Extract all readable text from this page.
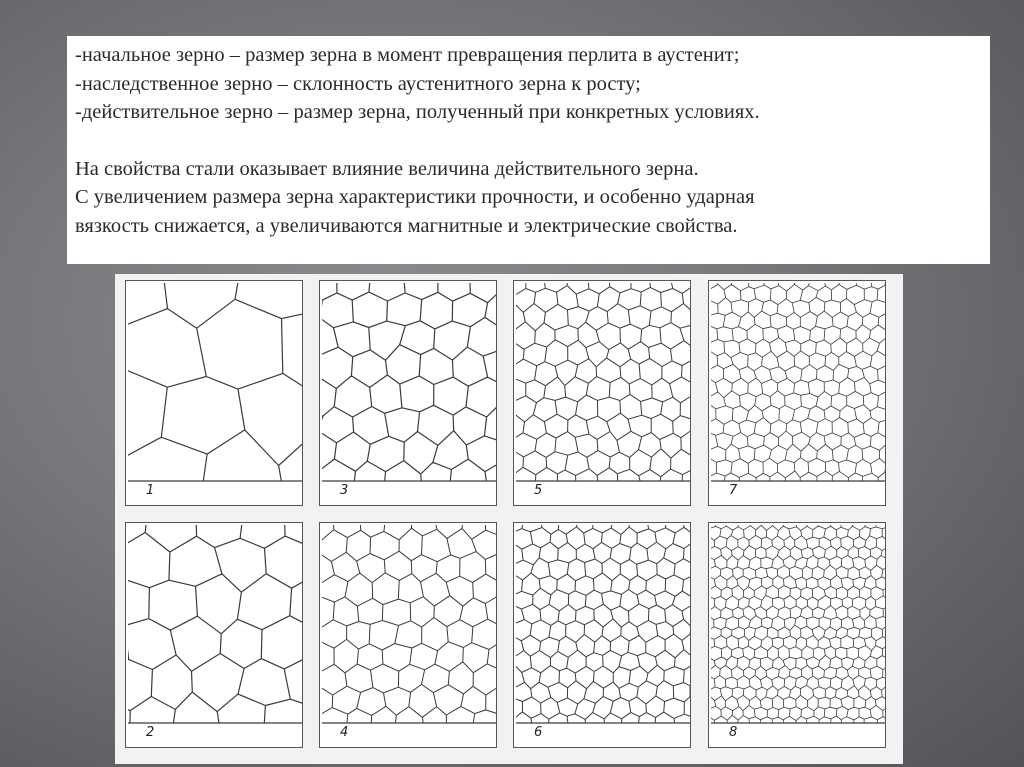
-начальное зерно – размер зерна в момент превращения перлита в аустенит;

-наследственное зерно – склонность аустенитного зерна к росту;

-действительное зерно – размер зерна, полученный при конкретных условиях.

На свойства стали оказывает влияние величина действительного зерна.

С увеличением размера зерна характеристики прочности, и особенно ударная

вязкость снижается, а увеличиваются магнитные и электрические свойства.

1	3	5	7
2	4	6	8
